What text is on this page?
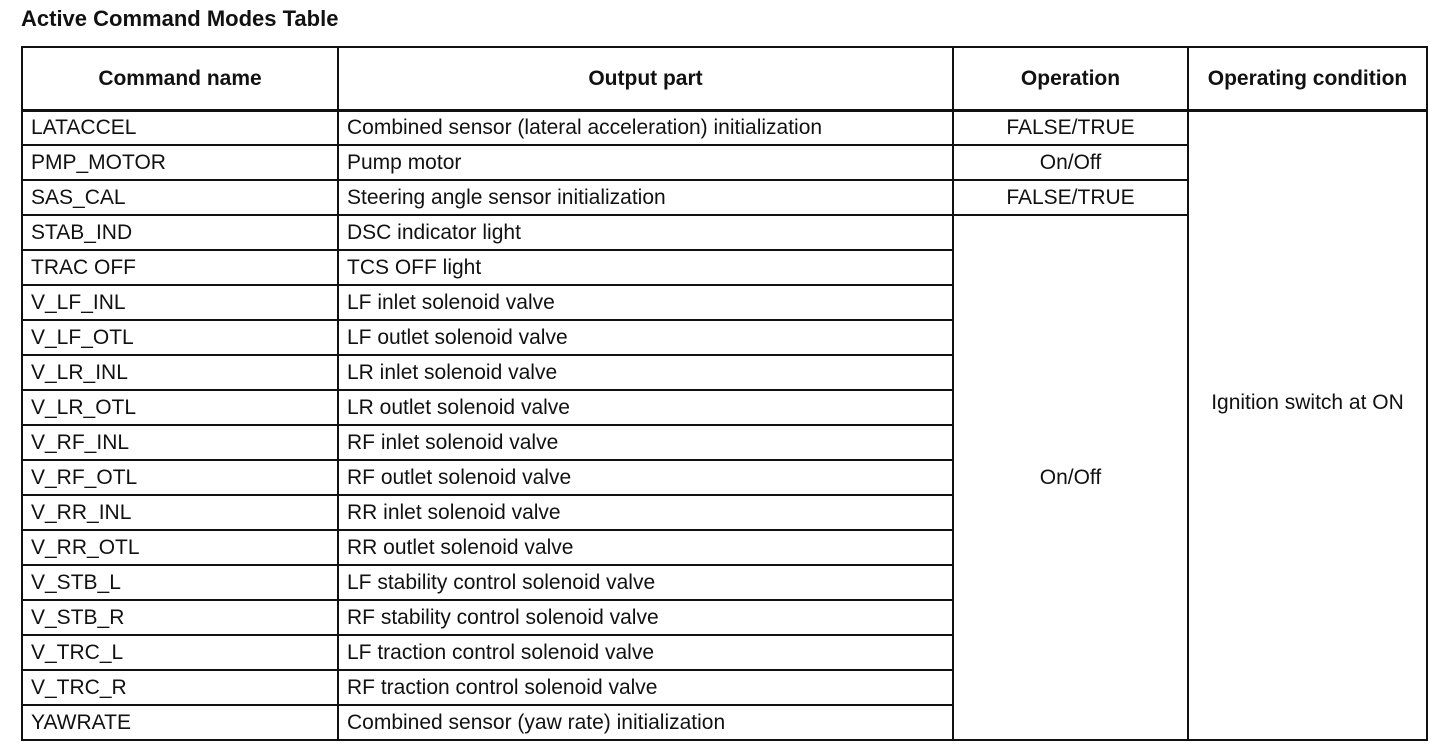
Active Command Modes Table
Command name	Output part	Operation	Operating condition
LATACCEL	Combined sensor (lateral acceleration) initialization	FALSE/TRUE	Ignition switch at ON
PMP_MOTOR	Pump motor	On/Off	
SAS_CAL	Steering angle sensor initialization	FALSE/TRUE	
STAB_IND	DSC indicator light	On/Off	
TRAC OFF	TCS OFF light		
V_LF_INL	LF inlet solenoid valve		
V_LF_OTL	LF outlet solenoid valve		
V_LR_INL	LR inlet solenoid valve		
V_LR_OTL	LR outlet solenoid valve		
V_RF_INL	RF inlet solenoid valve		
V_RF_OTL	RF outlet solenoid valve		
V_RR_INL	RR inlet solenoid valve		
V_RR_OTL	RR outlet solenoid valve		
V_STB_L	LF stability control solenoid valve		
V_STB_R	RF stability control solenoid valve		
V_TRC_L	LF traction control solenoid valve		
V_TRC_R	RF traction control solenoid valve		
YAWRATE	Combined sensor (yaw rate) initialization		
